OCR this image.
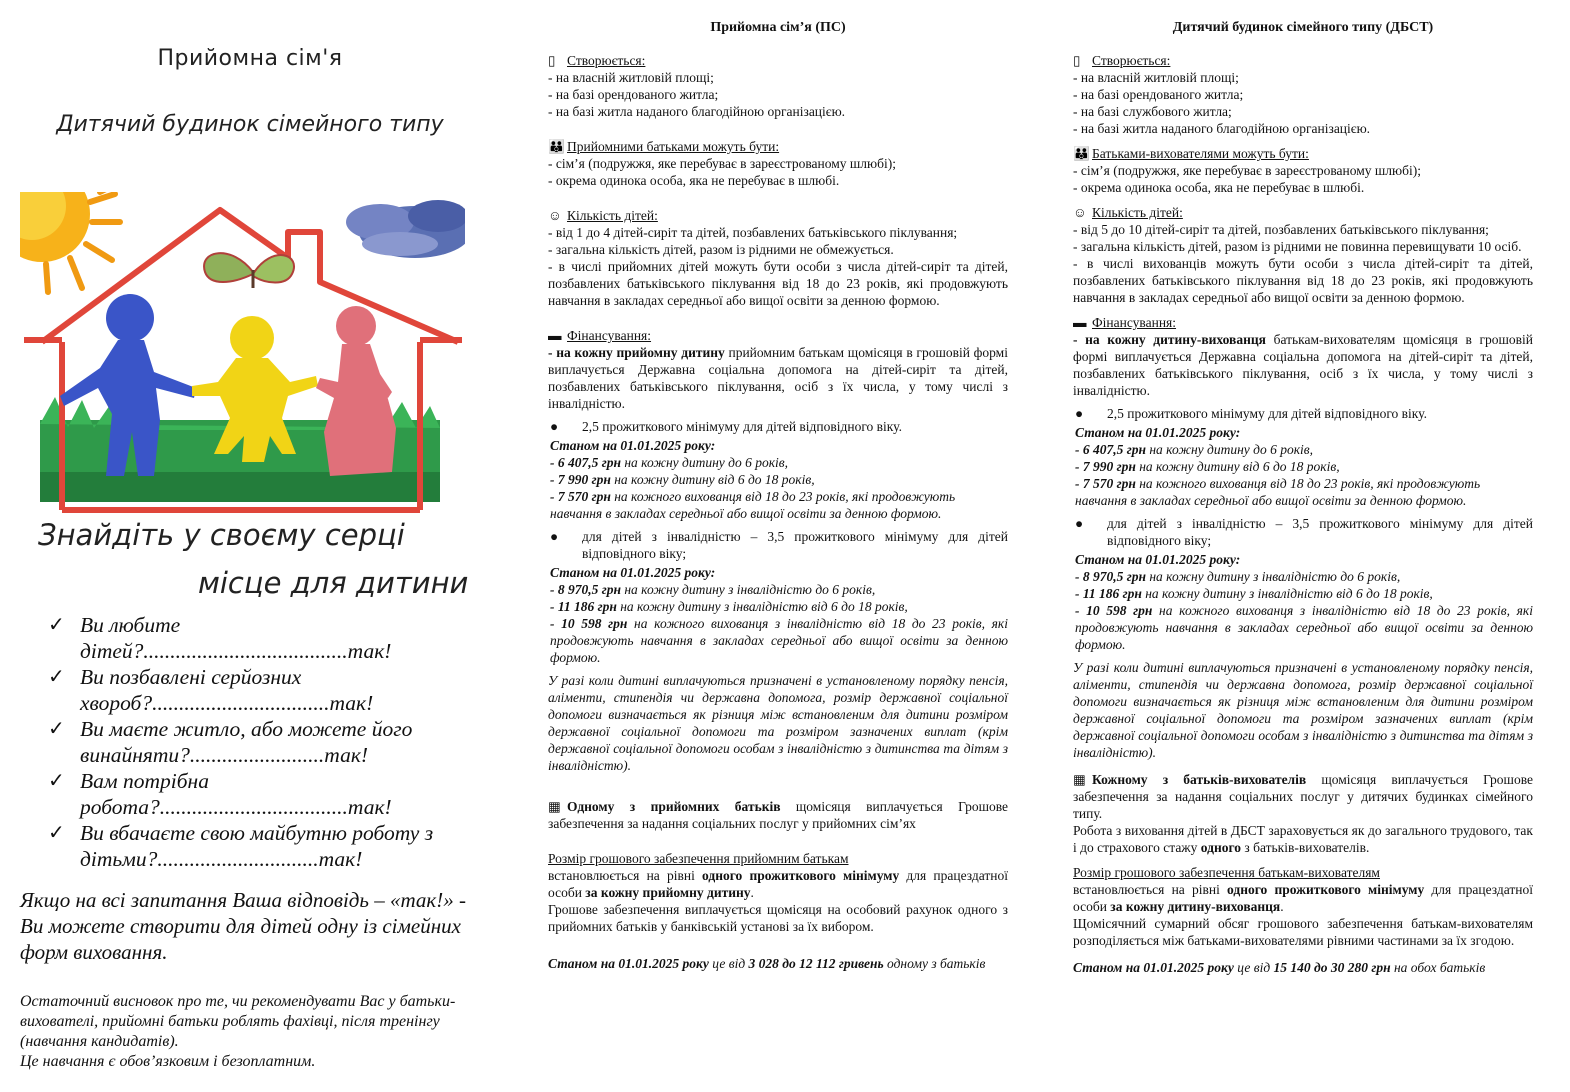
Прийомна сім'я
Дитячий будинок сімейного типу
Знайдіть у своєму серці
місце для дитини
✓ Ви любите
дітей?......................................так!
✓ Ви позбавлені серйозних
хвороб?.................................так!
✓ Ви маєте житло, або можете його
винайняти?.........................так!
✓ Вам потрібна
робота?...................................так!
✓ Ви вбачаєте свою майбутню роботу з
дітьми?..............................так!
Якщо на всі запитання Ваша відповідь – «так!» - Ви можете створити для дітей одну із сімейних форм виховання.
Остаточний висновок про те, чи рекомендувати Вас у батьки-вихователі, прийомні батьки роблять фахівці, після тренінгу (навчання кандидатів).
Це навчання є обов’язковим і безоплатним.
Прийомна сім’я (ПС)

▯ Створюється:

- на власній житловій площі;

- на базі орендованого житла;

- на базі житла наданого благодійною організацією.

👪 Прийомними батьками можуть бути:

- сім’я (подружжя, яке перебуває в зареєстрованому шлюбі);

- окрема одинока особа, яка не перебуває в шлюбі.

☺ Кількість дітей:

- від 1 до 4 дітей-сиріт та дітей, позбавлених батьківського піклування;

- загальна кількість дітей, разом із рідними не обмежується.

- в числі прийомних дітей можуть бути особи з числа дітей-сиріт та дітей, позбавлених батьківського піклування від 18 до 23 років, які продовжують навчання в закладах середньої або вищої освіти за денною формою.

▬ Фінансування:

- на кожну прийомну дитину прийомним батькам щомісяця в грошовій формі виплачується Державна соціальна допомога на дітей-сиріт та дітей, позбавлених батьківського піклування, осіб з їх числа, у тому числі з інвалідністю.

● 2,5 прожиткового мінімуму для дітей відповідного віку.

Станом на 01.01.2025 року:

- 6 407,5 грн на кожну дитину до 6 років,

- 7 990 грн на кожну дитину від 6 до 18 років,

- 7 570 грн на кожного вихованця від 18 до 23 років, які продовжують навчання в закладах середньої або вищої освіти за денною формою.

● для дітей з інвалідністю – 3,5 прожиткового мінімуму для дітей відповідного віку;

Станом на 01.01.2025 року:

- 8 970,5 грн на кожну дитину з інвалідністю до 6 років,

- 11 186 грн на кожну дитину з інвалідністю від 6 до 18 років,

- 10 598 грн на кожного вихованця з інвалідністю від 18 до 23 років, які продовжують навчання в закладах середньої або вищої освіти за денною формою.

У разі коли дитині виплачуються призначені в установленому порядку пенсія, аліменти, стипендія чи державна допомога, розмір державної соціальної допомоги визначається як різниця між встановленим для дитини розміром державної соціальної допомоги та розміром зазначених виплат (крім державної соціальної допомоги особам з інвалідністю з дитинства та дітям з інвалідністю).

▦ Одному з прийомних батьків щомісяця виплачується Грошове забезпечення за надання соціальних послуг у прийомних сім’ях

Розмір грошового забезпечення прийомним батькам

встановлюється на рівні одного прожиткового мінімуму для працездатної особи за кожну прийомну дитину.

Грошове забезпечення виплачується щомісяця на особовий рахунок одного з прийомних батьків у банківській установі за їх вибором.

Станом на 01.01.2025 року це від 3 028 до 12 112 гривень одному з батьків

Дитячий будинок сімейного типу (ДБСТ)

▯ Створюється:

- на власній житловій площі;

- на базі орендованого житла;

- на базі службового житла;

- на базі житла наданого благодійною організацією.

👪 Батьками-вихователями можуть бути:

- сім’я (подружжя, яке перебуває в зареєстрованому шлюбі);

- окрема одинока особа, яка не перебуває в шлюбі.

☺ Кількість дітей:

- від 5 до 10 дітей-сиріт та дітей, позбавлених батьківського піклування;

- загальна кількість дітей, разом із рідними не повинна перевищувати 10 осіб.

- в числі вихованців можуть бути особи з числа дітей-сиріт та дітей, позбавлених батьківського піклування від 18 до 23 років, які продовжують навчання в закладах середньої або вищої освіти за денною формою.

▬ Фінансування:

- на кожну дитину-вихованця батькам-вихователям щомісяця в грошовій формі виплачується Державна соціальна допомога на дітей-сиріт та дітей, позбавлених батьківського піклування, осіб з їх числа, у тому числі з інвалідністю.

● 2,5 прожиткового мінімуму для дітей відповідного віку.

Станом на 01.01.2025 року:

- 6 407,5 грн на кожну дитину до 6 років,

- 7 990 грн на кожну дитину від 6 до 18 років,

- 7 570 грн на кожного вихованця від 18 до 23 років, які продовжують навчання в закладах середньої або вищої освіти за денною формою.

● для дітей з інвалідністю – 3,5 прожиткового мінімуму для дітей відповідного віку;

Станом на 01.01.2025 року:

- 8 970,5 грн на кожну дитину з інвалідністю до 6 років,

- 11 186 грн на кожну дитину з інвалідністю від 6 до 18 років,

- 10 598 грн на кожного вихованця з інвалідністю від 18 до 23 років, які продовжують навчання в закладах середньої або вищої освіти за денною формою.

У разі коли дитині виплачуються призначені в установленому порядку пенсія, аліменти, стипендія чи державна допомога, розмір державної соціальної допомоги визначається як різниця між встановленим для дитини розміром державної соціальної допомоги та розміром зазначених виплат (крім державної соціальної допомоги особам з інвалідністю з дитинства та дітям з інвалідністю).

▦ Кожному з батьків-вихователів щомісяця виплачується Грошове забезпечення за надання соціальних послуг у дитячих будинках сімейного типу.

Робота з виховання дітей в ДБСТ зараховується як до загального трудового, так і до страхового стажу одного з батьків-вихователів.

Розмір грошового забезпечення батькам-вихователям

встановлюється на рівні одного прожиткового мінімуму для працездатної особи за кожну дитину-вихованця.

Щомісячний сумарний обсяг грошового забезпечення батькам-вихователям розподіляється між батьками-вихователями рівними частинами за їх згодою.

Станом на 01.01.2025 року це від 15 140 до 30 280 грн на обох батьків
